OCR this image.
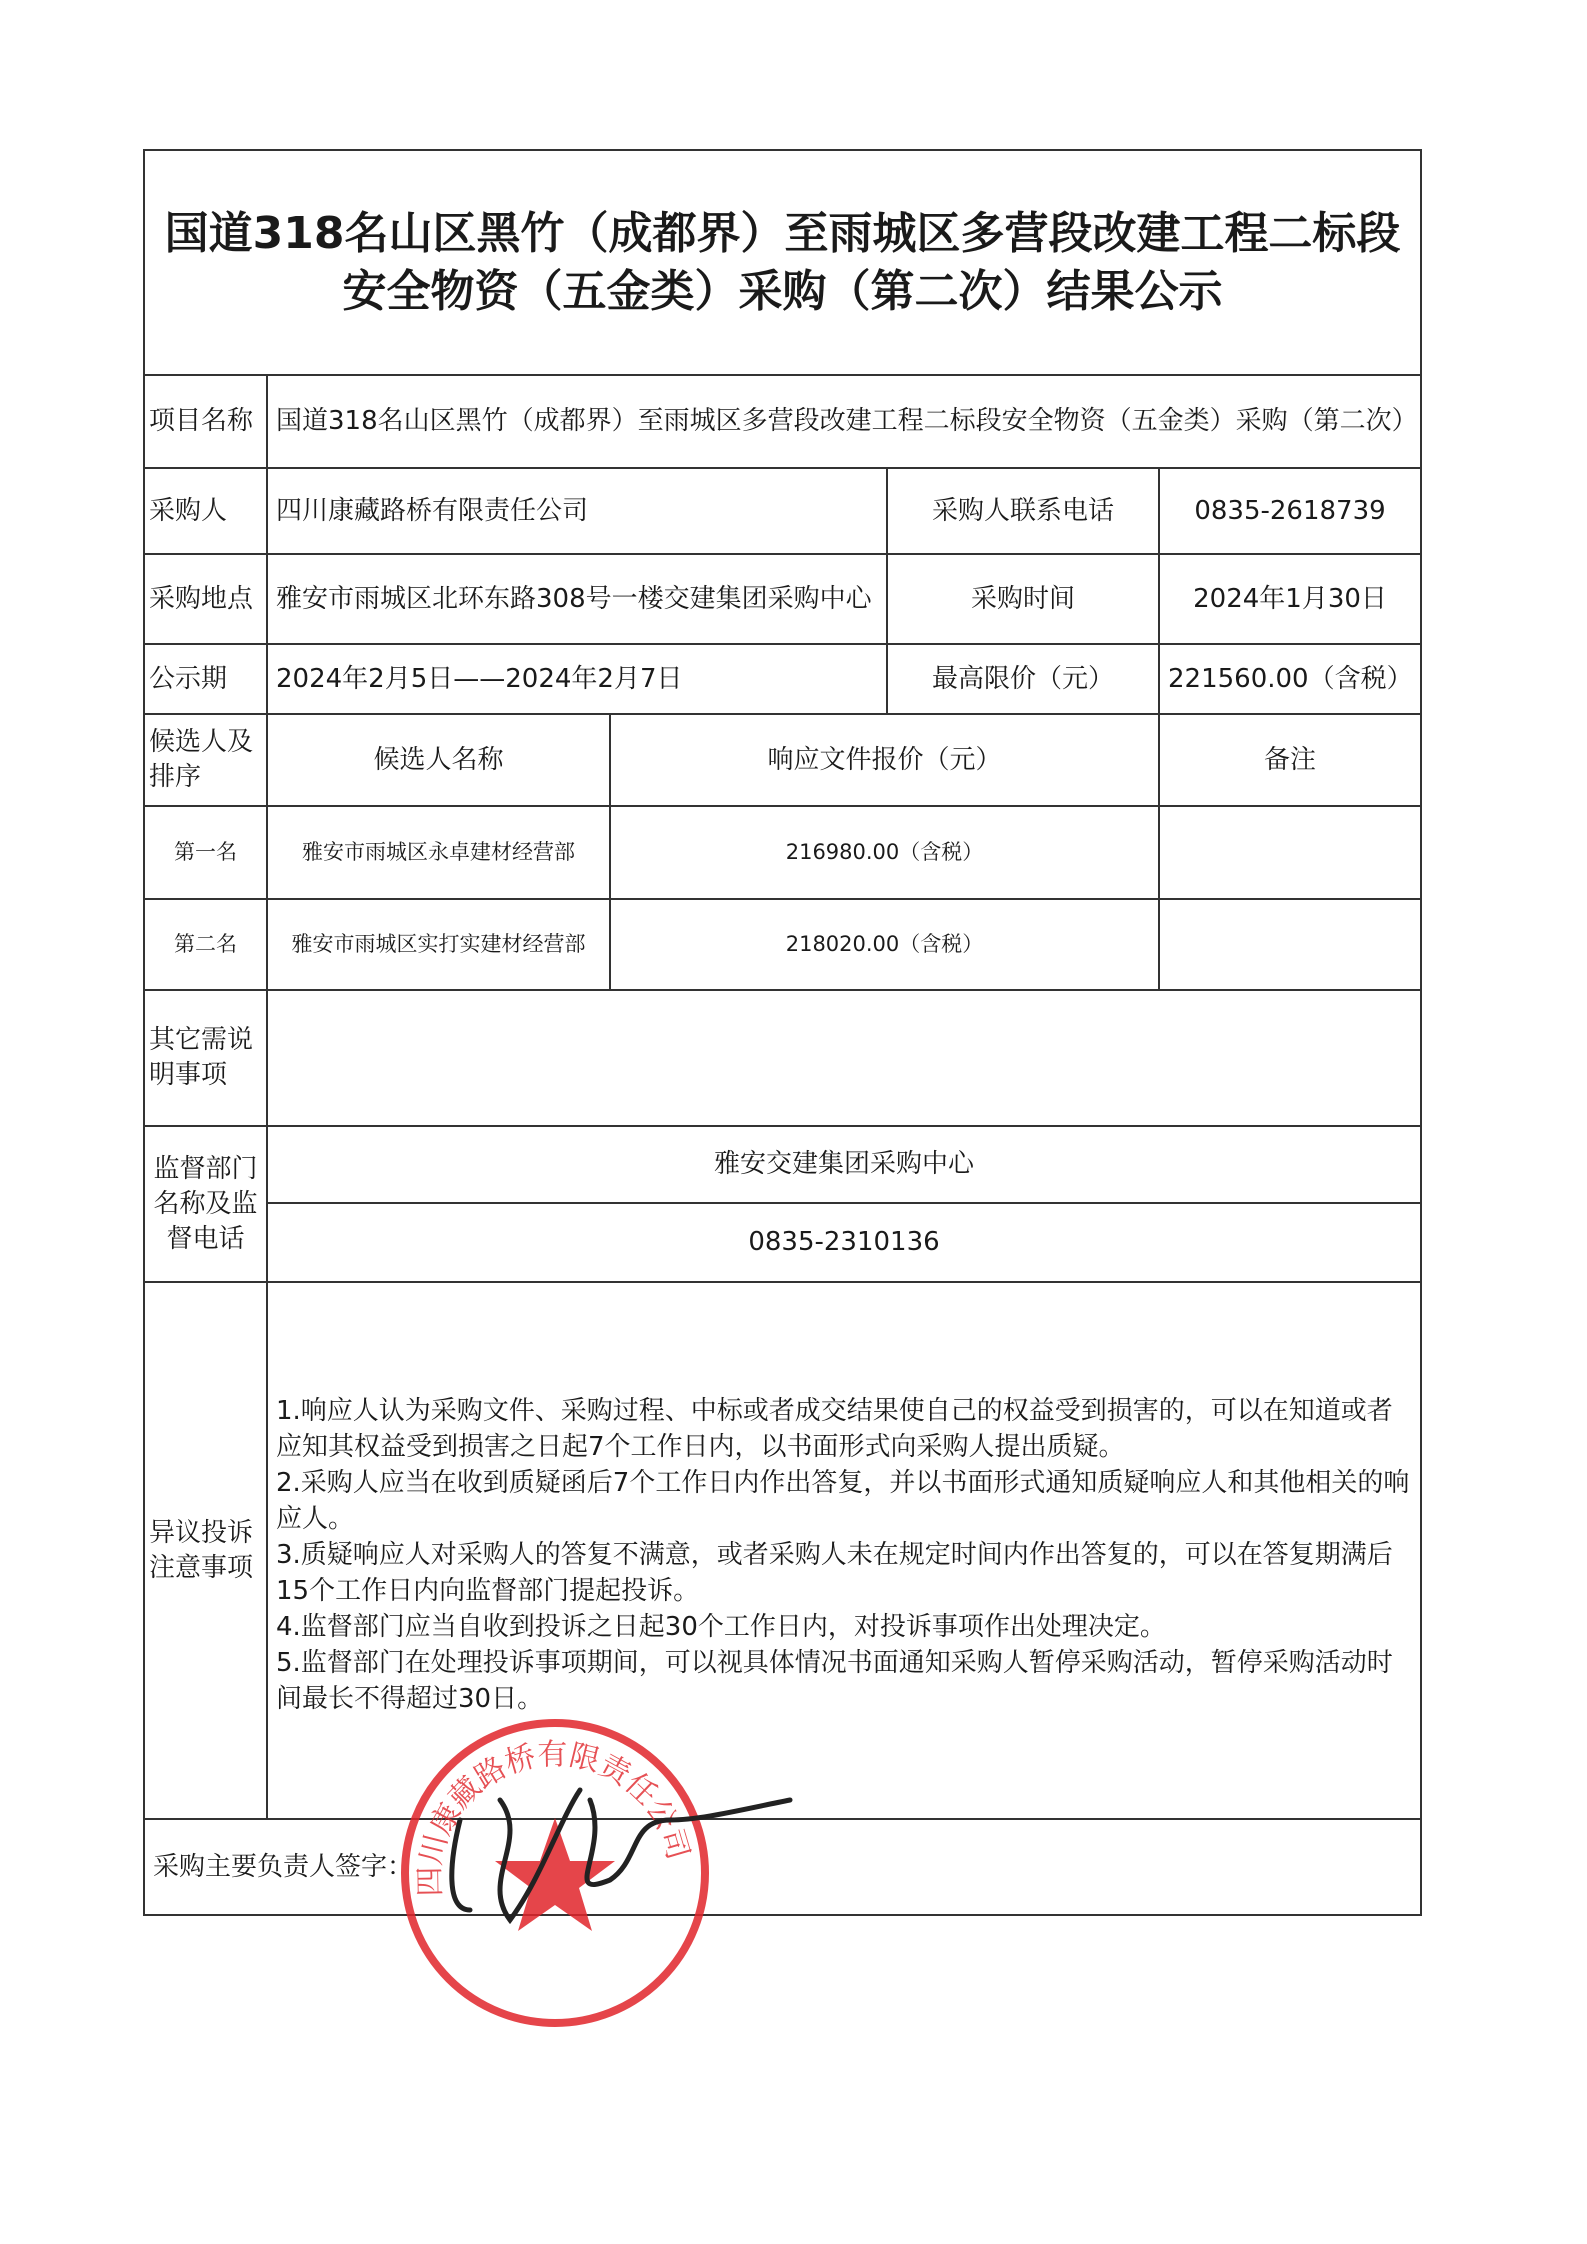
国道318名山区黑竹（成都界）至雨城区多营段改建工程二标段安全物资（五金类）采购（第二次）结果公示				
项目名称	国道318名山区黑竹（成都界）至雨城区多营段改建工程二标段安全物资（五金类）采购（第二次）			
采购人	四川康藏路桥有限责任公司		采购人联系电话	0835-2618739
采购地点	雅安市雨城区北环东路308号一楼交建集团采购中心		采购时间	2024年1月30日
公示期	2024年2月5日——2024年2月7日		最高限价（元）	221560.00（含税）
候选人及排序	候选人名称	响应文件报价（元）		备注
第一名	雅安市雨城区永卓建材经营部	216980.00（含税）		
第二名	雅安市雨城区实打实建材经营部	218020.00（含税）		
其它需说明事项				
监督部门名称及监督电话	雅安交建集团采购中心			
	0835-2310136			
异议投诉注意事项	1.响应人认为采购文件、采购过程、中标或者成交结果使自己的权益受到损害的，可以在知道或者应知其权益受到损害之日起7个工作日内，以书面形式向采购人提出质疑。

2.采购人应当在收到质疑函后7个工作日内作出答复，并以书面形式通知质疑响应人和其他相关的响应人。

3.质疑响应人对采购人的答复不满意，或者采购人未在规定时间内作出答复的，可以在答复期满后15个工作日内向监督部门提起投诉。

4.监督部门应当自收到投诉之日起30个工作日内，对投诉事项作出处理决定。

5.监督部门在处理投诉事项期间，可以视具体情况书面通知采购人暂停采购活动，暂停采购活动时间最长不得超过30日。			

采购主要负责人签字：				四川康藏路桥有限责任公司
